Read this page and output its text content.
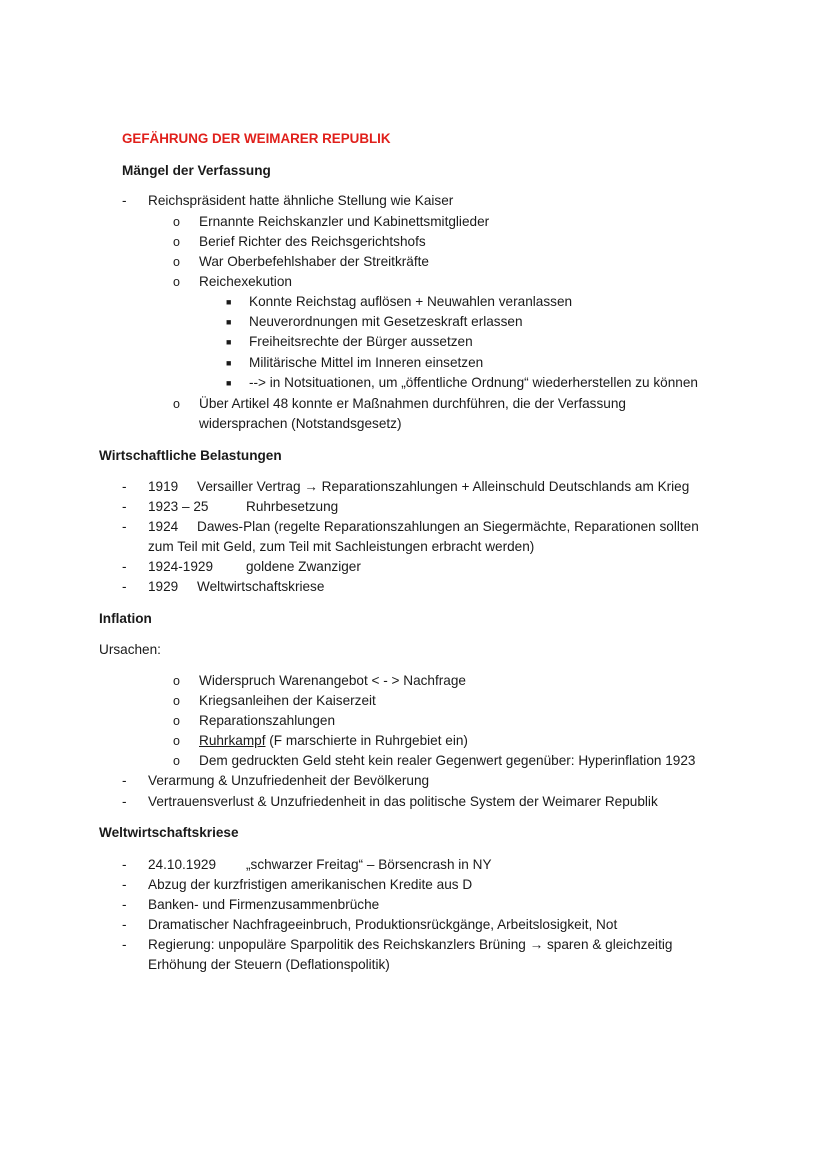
GEFÄHRUNG DER WEIMARER REPUBLIK
Mängel der Verfassung
- Reichspräsident hatte ähnliche Stellung wie Kaiser
o Ernannte Reichskanzler und Kabinettsmitglieder
o Berief Richter des Reichsgerichtshofs
o War Oberbefehlshaber der Streitkräfte
o Reichexekution
■ Konnte Reichstag auflösen + Neuwahlen veranlassen
■ Neuverordnungen mit Gesetzeskraft erlassen
■ Freiheitsrechte der Bürger aussetzen
■ Militärische Mittel im Inneren einsetzen
■ --> in Notsituationen, um „öffentliche Ordnung“ wiederherstellen zu können
o Über Artikel 48 konnte er Maßnahmen durchführen, die der Verfassung
widersprachen (Notstandsgesetz)
Wirtschaftliche Belastungen
- 1919 Versailler Vertrag → Reparationszahlungen + Alleinschuld Deutschlands am Krieg
- 1923 – 25	Ruhrbesetzung
- 1924 Dawes-Plan (regelte Reparationszahlungen an Siegermächte, Reparationen sollten
zum Teil mit Geld, zum Teil mit Sachleistungen erbracht werden)
- 1924-1929 goldene Zwanziger
- 1929 Weltwirtschaftskriese
Inflation
Ursachen:
o Widerspruch Warenangebot < - > Nachfrage
o Kriegsanleihen der Kaiserzeit
o Reparationszahlungen
o Ruhrkampf (F marschierte in Ruhrgebiet ein)
o Dem gedruckten Geld steht kein realer Gegenwert gegenüber: Hyperinflation 1923
- Verarmung & Unzufriedenheit der Bevölkerung
- Vertrauensverlust & Unzufriedenheit in das politische System der Weimarer Republik
Weltwirtschaftskriese
- 24.10.1929 „schwarzer Freitag“ – Börsencrash in NY
- Abzug der kurzfristigen amerikanischen Kredite aus D
- Banken- und Firmenzusammenbrüche
- Dramatischer Nachfrageeinbruch, Produktionsrückgänge, Arbeitslosigkeit, Not
- Regierung: unpopuläre Sparpolitik des Reichskanzlers Brüning → sparen & gleichzeitig
Erhöhung der Steuern (Deflationspolitik)
